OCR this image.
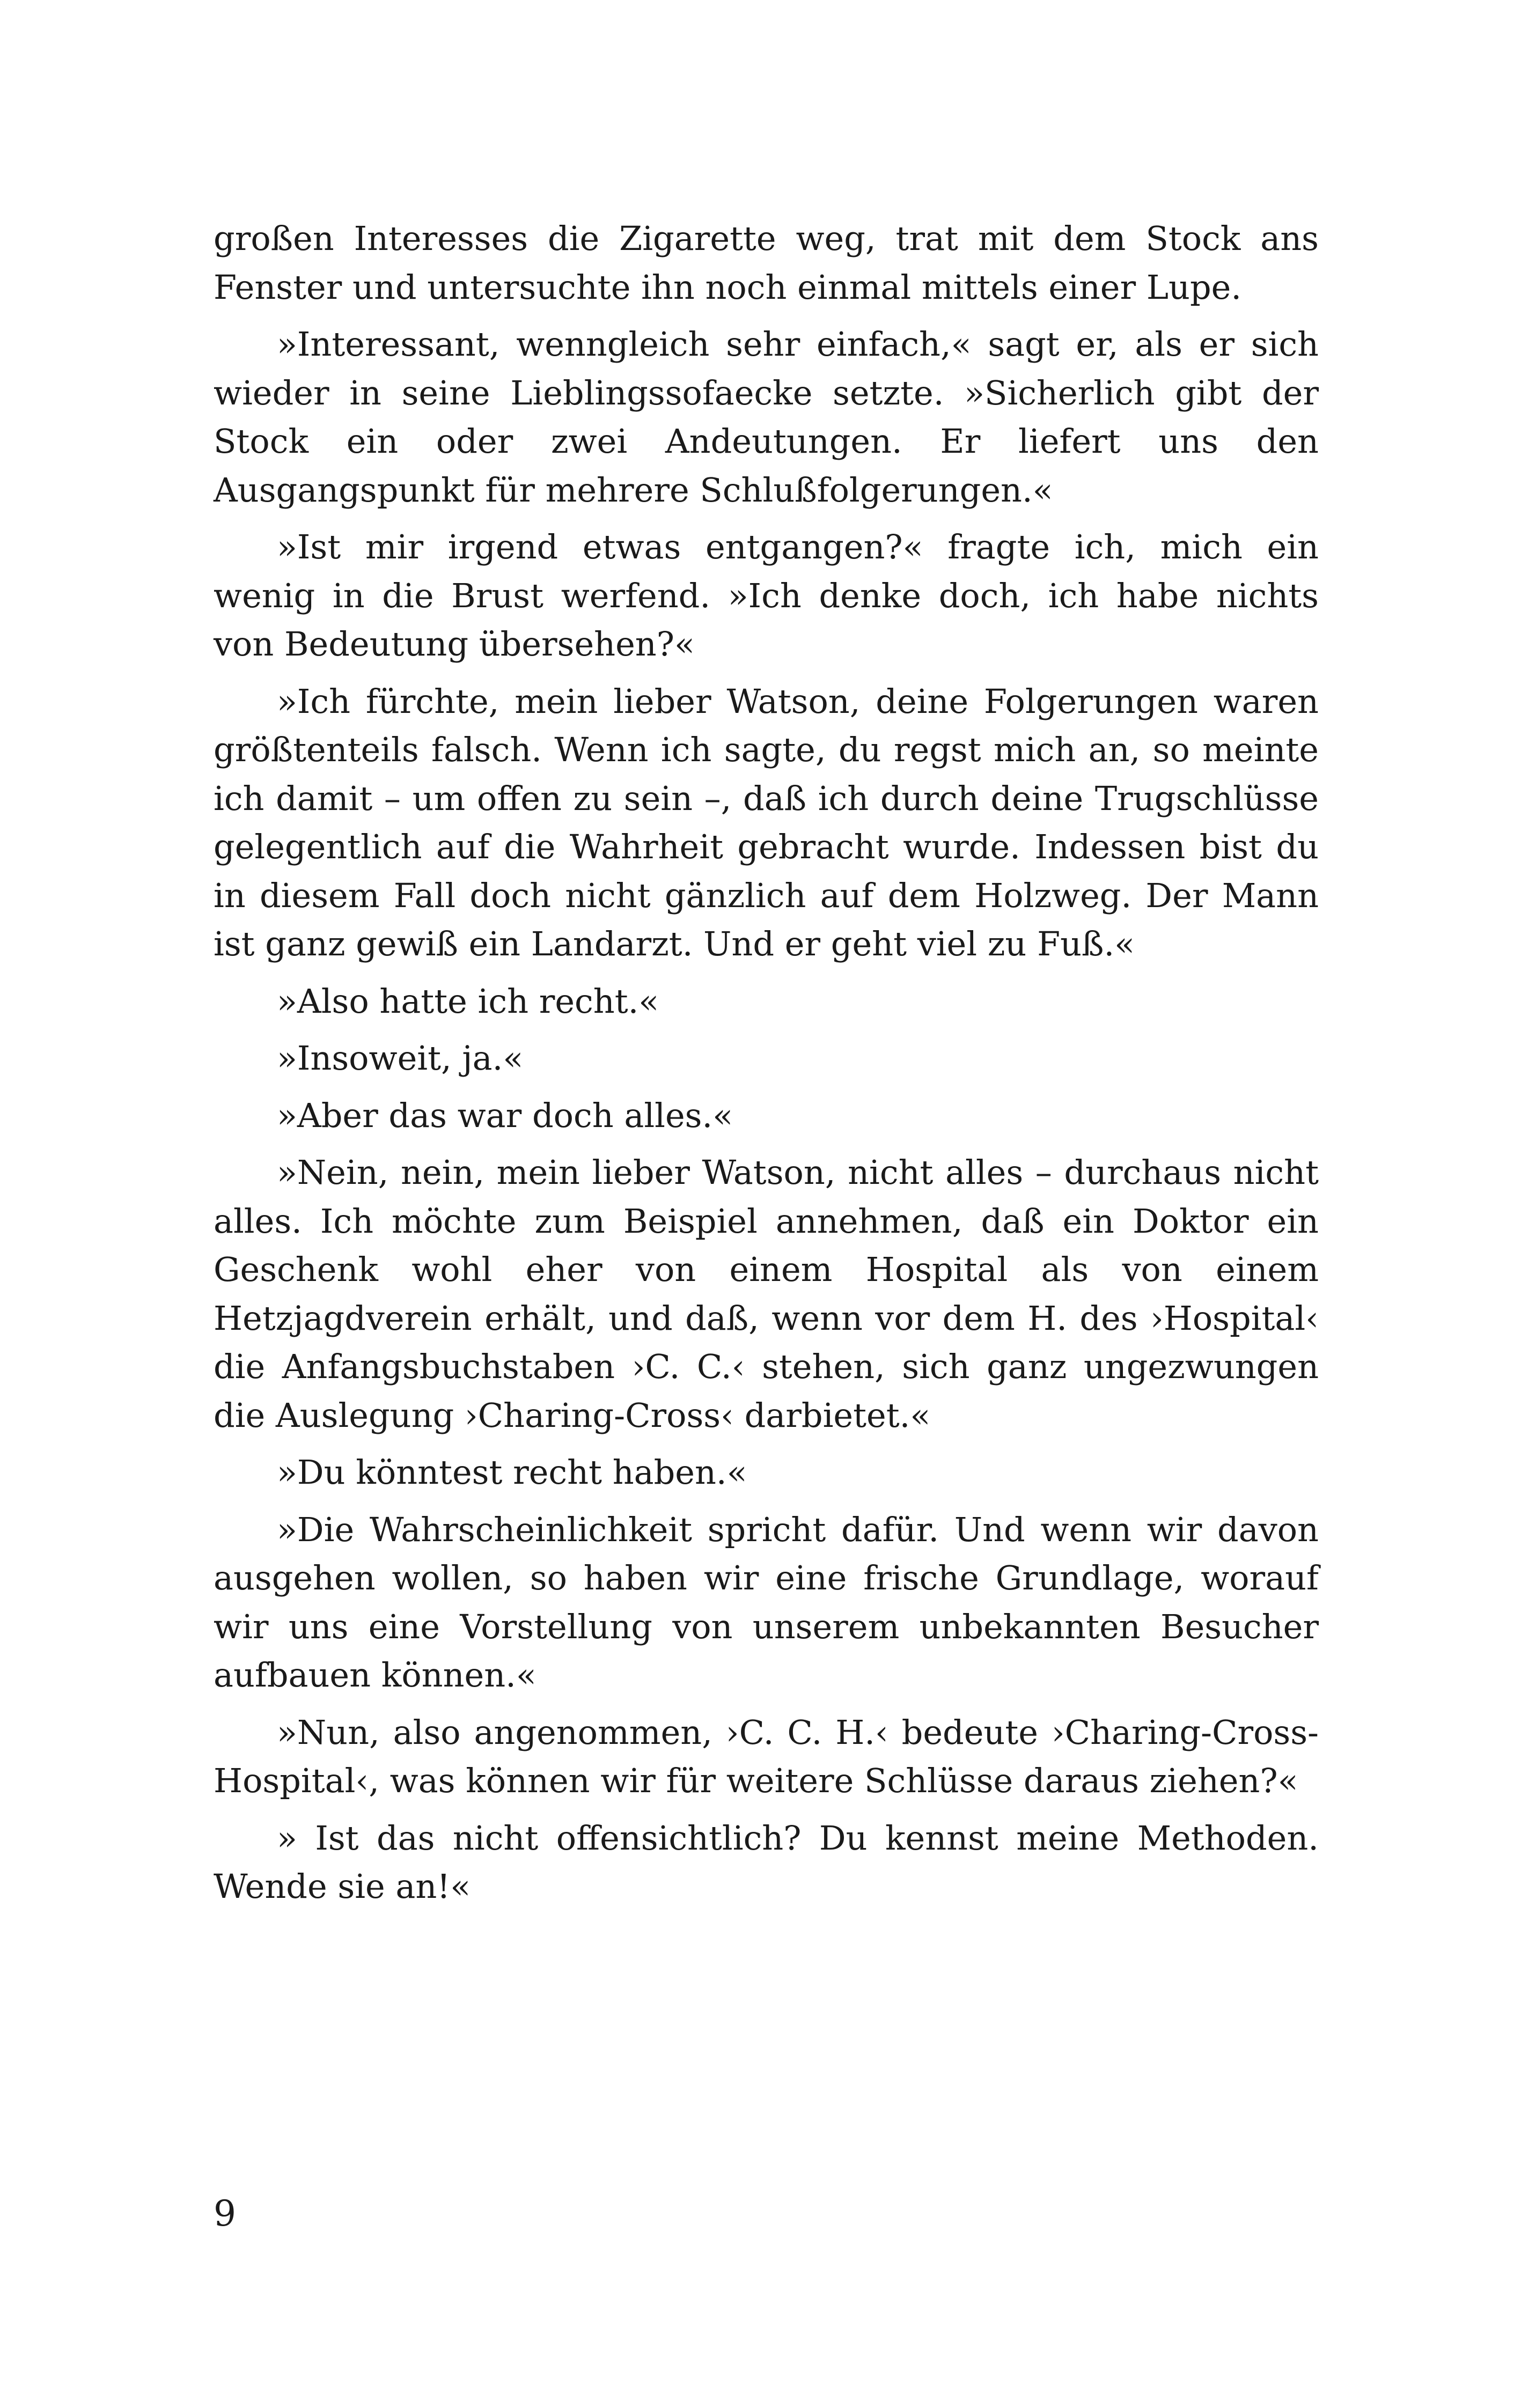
großen Interesses die Zigarette weg, trat mit dem Stock ans Fenster und untersuchte ihn noch einmal mittels einer Lupe.

»Interessant, wenngleich sehr einfach,« sagt er, als er sich wieder in seine Lieblingssofaecke setzte. »Sicherlich gibt der Stock ein oder zwei Andeutungen. Er liefert uns den Ausgangspunkt für mehrere Schlußfolgerungen.«

»Ist mir irgend etwas entgangen?« fragte ich, mich ein wenig in die Brust werfend. »Ich denke doch, ich habe nichts von Bedeutung übersehen?«

»Ich fürchte, mein lieber Watson, deine Folgerungen waren größtenteils falsch. Wenn ich sagte, du regst mich an, so meinte ich damit – um offen zu sein –, daß ich durch deine Trugschlüsse gelegentlich auf die Wahrheit gebracht wurde. Indessen bist du in diesem Fall doch nicht gänzlich auf dem Holzweg. Der Mann ist ganz gewiß ein Landarzt. Und er geht viel zu Fuß.«

»Also hatte ich recht.«

»Insoweit, ja.«

»Aber das war doch alles.«

»Nein, nein, mein lieber Watson, nicht alles – durchaus nicht alles. Ich möchte zum Beispiel annehmen, daß ein Doktor ein Geschenk wohl eher von einem Hospital als von einem Hetzjagdverein erhält, und daß, wenn vor dem H. des ›Hospital‹ die Anfangsbuchstaben ›C. C.‹ stehen, sich ganz ungezwungen die Auslegung ›Charing-Cross‹ darbietet.«

»Du könntest recht haben.«

»Die Wahrscheinlichkeit spricht dafür. Und wenn wir davon ausgehen wollen, so haben wir eine frische Grundlage, worauf wir uns eine Vorstellung von unserem unbekannten Besucher aufbauen können.«

»Nun, also angenommen, ›C. C. H.‹ bedeute ›Charing-Cross-Hospital‹, was können wir für weitere Schlüsse daraus ziehen?«

» Ist das nicht offensichtlich? Du kennst meine Methoden. Wende sie an!«

9
